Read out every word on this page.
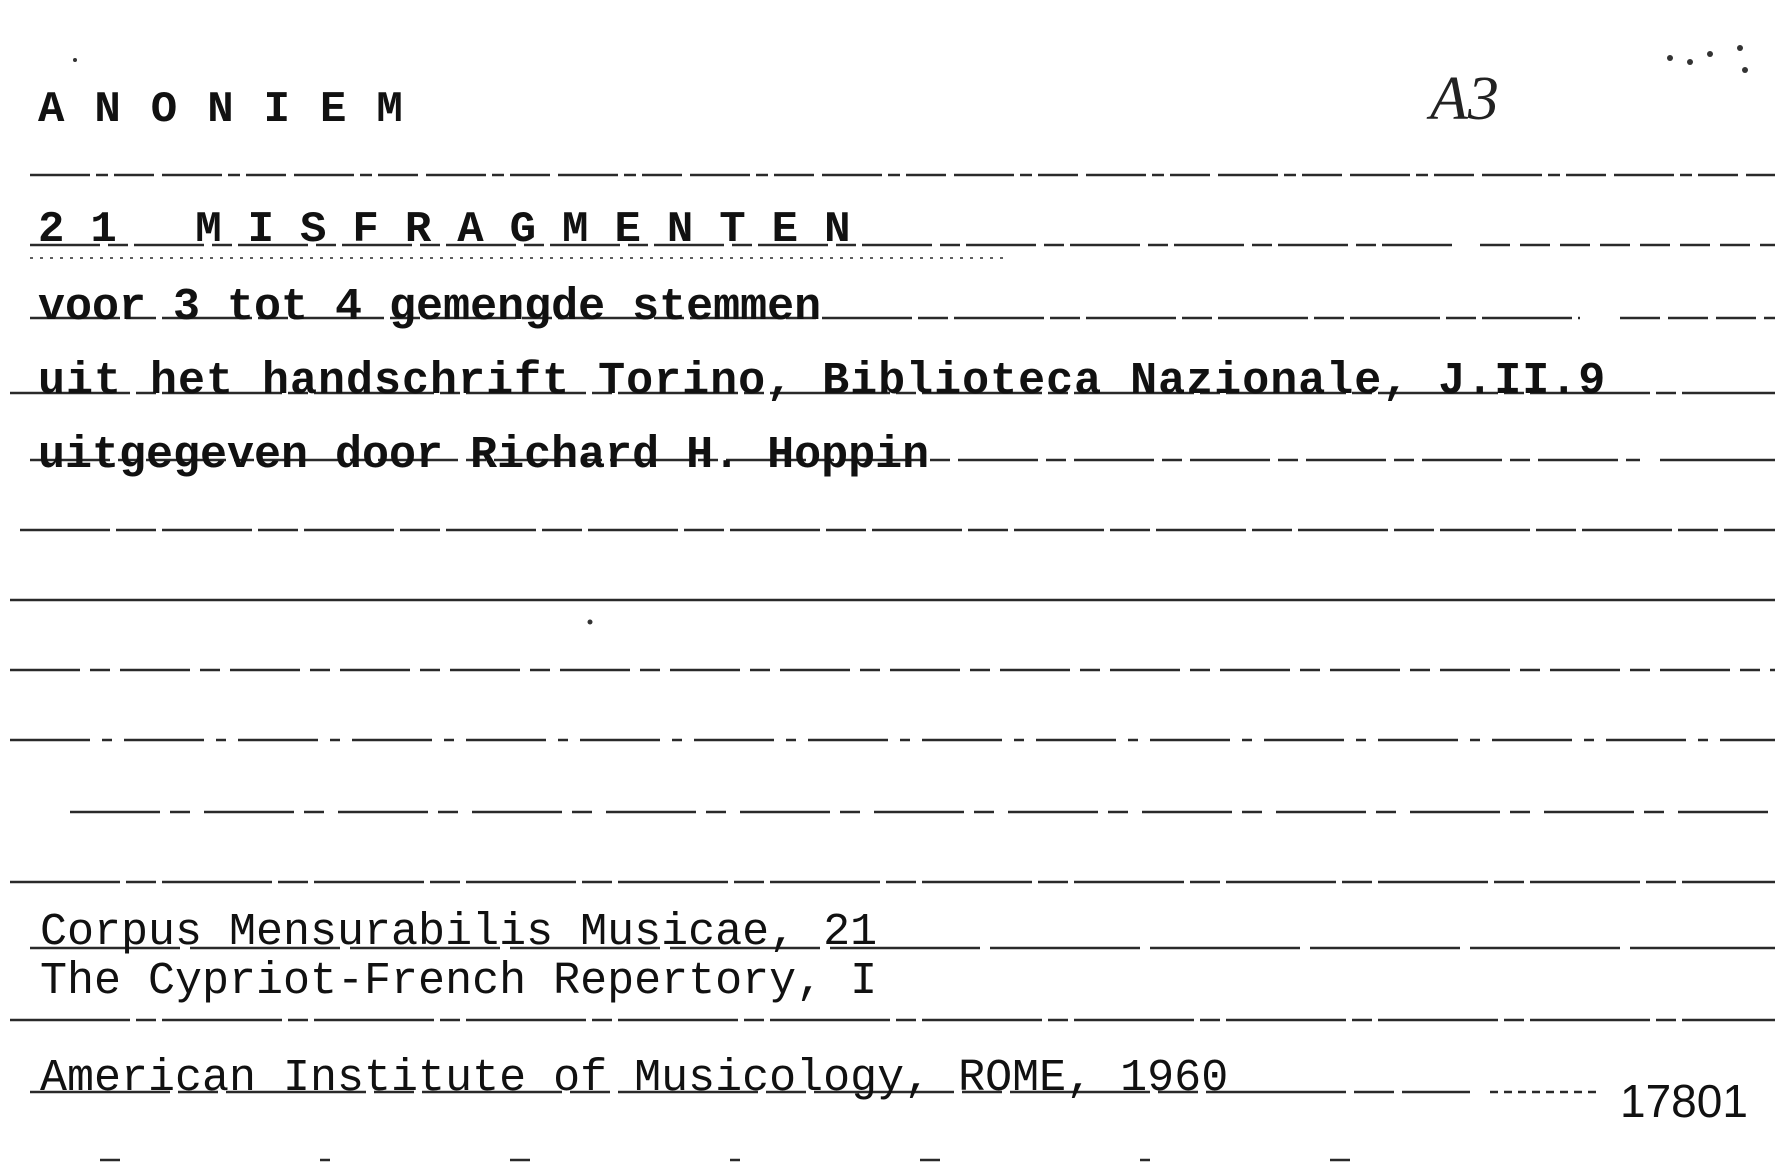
ANONIEM	A3
21 MISFRAGMENTEN
voor 3 tot 4 gemengde stemmen
uit het handschrift Torino, Biblioteca Nazionale, J.II.9
uitgegeven door Richard H. Hoppin
Corpus Mensurabilis Musicae, 21
The Cypriot-French Repertory, I
American Institute of Musicology, ROME, 1960	17801
